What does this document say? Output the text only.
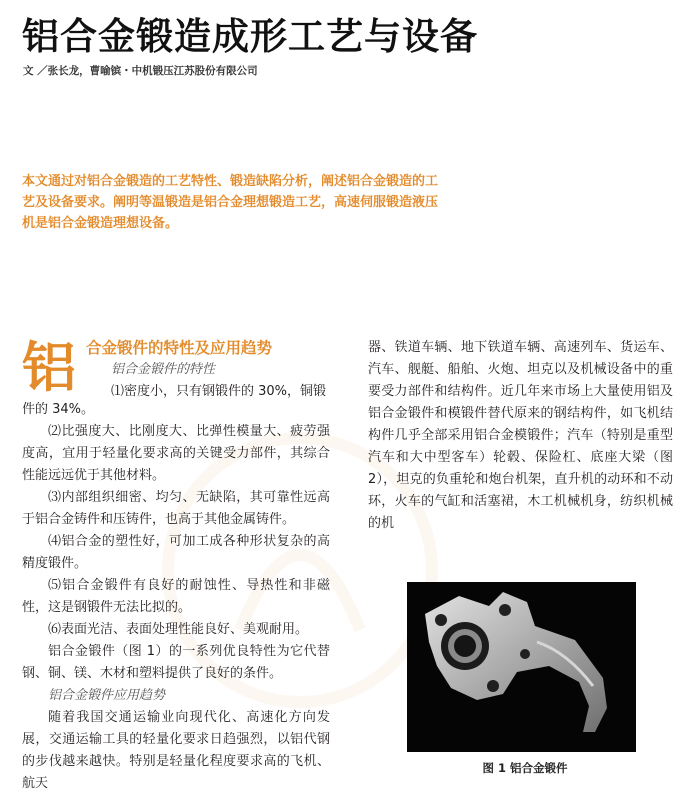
铝合金锻造成形工艺与设备
文 ／张长龙，曹喻镔・中机锻压江苏股份有限公司
本文通过对铝合金锻造的工艺特性、锻造缺陷分析，阐述铝合金锻造的工艺及设备要求。阐明等温锻造是铝合金理想锻造工艺，高速伺服锻造液压机是铝合金锻造理想设备。
铝 合金锻件的特性及应用趋势
铝合金锻件的特性
⑴密度小，只有钢锻件的 30%，铜锻
件的 34%。
⑵比强度大、比刚度大、比弹性模量大、疲劳强度高，宜用于轻量化要求高的关键受力部件，其综合性能远远优于其他材料。
⑶内部组织细密、均匀、无缺陷，其可靠性远高于铝合金铸件和压铸件，也高于其他金属铸件。
⑷铝合金的塑性好，可加工成各种形状复杂的高精度锻件。
⑸铝合金锻件有良好的耐蚀性、导热性和非磁性，这是钢锻件无法比拟的。
⑹表面光洁、表面处理性能良好、美观耐用。
铝合金锻件（图 1）的一系列优良特性为它代替钢、铜、镁、木材和塑料提供了良好的条件。
铝合金锻件应用趋势
随着我国交通运输业向现代化、高速化方向发展，交通运输工具的轻量化要求日趋强烈，以铝代钢的步伐越来越快。特别是轻量化程度要求高的飞机、航天
器、铁道车辆、地下铁道车辆、高速列车、货运车、汽车、舰艇、船舶、火炮、坦克以及机械设备中的重要受力部件和结构件。近几年来市场上大量使用铝及铝合金锻件和模锻件替代原来的钢结构件，如飞机结构件几乎全部采用铝合金模锻件；汽车（特别是重型汽车和大中型客车）轮毂、保险杠、底座大梁（图 2），坦克的负重轮和炮台机架，直升机的动环和不动环，火车的气缸和活塞裙，木工机械机身，纺织机械的机
图 1 铝合金锻件
